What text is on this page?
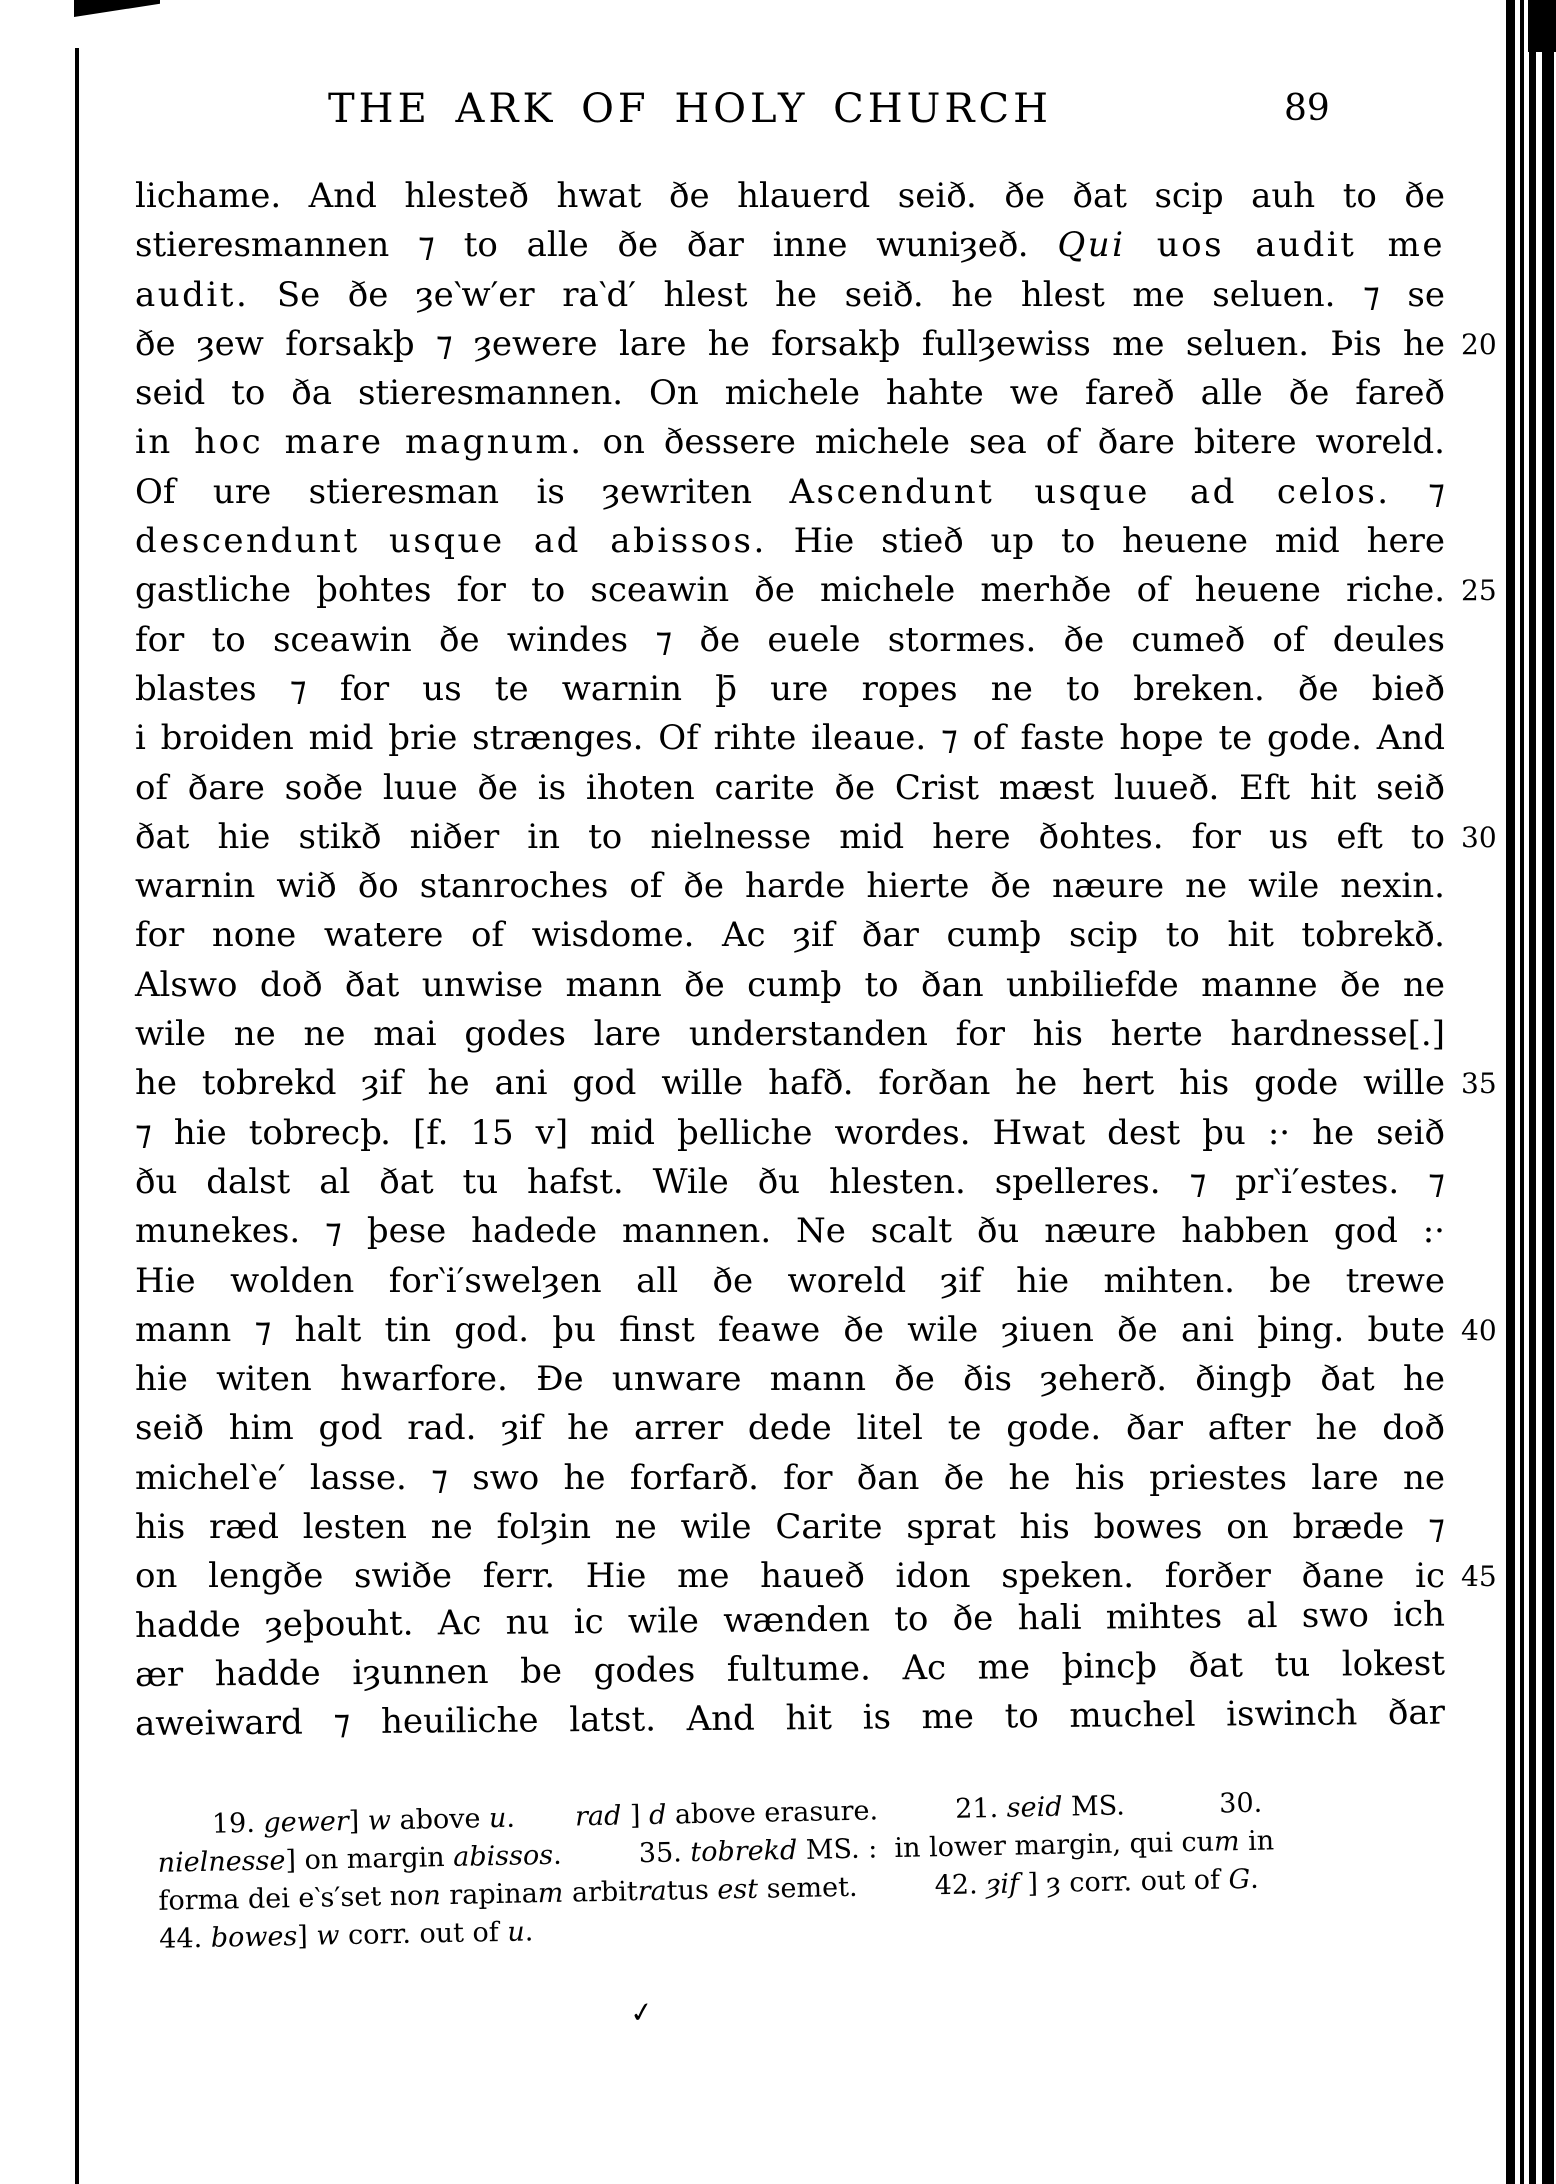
THE ARK OF HOLY CHURCH	89
lichame. And hlesteð hwat ðe hlauerd seið. ðe ðat scip auh to ðe
stieresmannen ⁊ to alle ðe ðar inne wuniȝeð. Qui uos audit me
audit. Se ðe ȝe‵w′er ra‵d′ hlest he seið. he hlest me seluen. ⁊ se
ðe ȝew forsakþ ⁊ ȝewere lare he forsakþ fullȝewiss me seluen. Þis he 20
seid to ða stieresmannen. On michele hahte we fareð alle ðe fareð
in hoc mare magnum. on ðessere michele sea of ðare bitere woreld.
Of ure stieresman is ȝewriten Ascendunt usque ad celos. ⁊
descendunt usque ad abissos. Hie stieð up to heuene mid here
gastliche þohtes for to sceawin ðe michele merhðe of heuene riche. 25
for to sceawin ðe windes ⁊ ðe euele stormes. ðe cumeð of deules
blastes ⁊ for us te warnin þ̄ ure ropes ne to breken. ðe bieð
i broiden mid þrie strænges. Of rihte ileaue. ⁊ of faste hope te gode. And
of ðare soðe luue ðe is ihoten carite ðe Crist mæst luueð. Eft hit seið
ðat hie stikð niðer in to nielnesse mid here ðohtes. for us eft to 30
warnin wið ðo stanroches of ðe harde hierte ðe næure ne wile nexin.
for none watere of wisdome. Ac ȝif ðar cumþ scip to hit tobrekð.
Alswo doð ðat unwise mann ðe cumþ to ðan unbiliefde manne ðe ne
wile ne ne mai godes lare understanden for his herte hardnesse[.]
he tobrekd ȝif he ani god wille hafð. forðan he hert his gode wille 35
⁊ hie tobrecþ. [f. 15 v] mid þelliche wordes. Hwat dest þu :· he seið
ðu dalst al ðat tu hafst. Wile ðu hlesten. spelleres. ⁊ pr‵i′estes. ⁊
munekes. ⁊ þese hadede mannen. Ne scalt ðu næure habben god :·
Hie wolden for‵i′swelȝen all ðe woreld ȝif hie mihten. be trewe
mann ⁊ halt tin god. þu finst feawe ðe wile ȝiuen ðe ani þing. bute 40
hie witen hwarfore. Ðe unware mann ðe ðis ȝeherð. ðingþ ðat he
seið him god rad. ȝif he arrer dede litel te gode. ðar after he doð
michel‵e′ lasse. ⁊ swo he forfarð. for ðan ðe he his priestes lare ne
his ræd lesten ne folȝin ne wile Carite sprat his bowes on bræde ⁊
on lengðe swiðe ferr. Hie me haueð idon speken. forðer ðane ic 45
hadde ȝeþouht. Ac nu ic wile wænden to ðe hali mihtes al swo ich
ær hadde iȝunnen be godes fultume. Ac me þincþ ðat tu lokest
aweiward ⁊ heuiliche latst. And hit is me to muchel iswinch ðar
19. gewer] w above u.       rad ] d above erasure.         21. seid MS.           30.
nielnesse] on margin abissos.         35. tobrekd MS. :  in lower margin, qui cum in
forma dei e‵s′set non rapinam arbitratus est semet.         42. ȝif ] ȝ corr. out of G.
44. bowes] w corr. out of u.
✓
